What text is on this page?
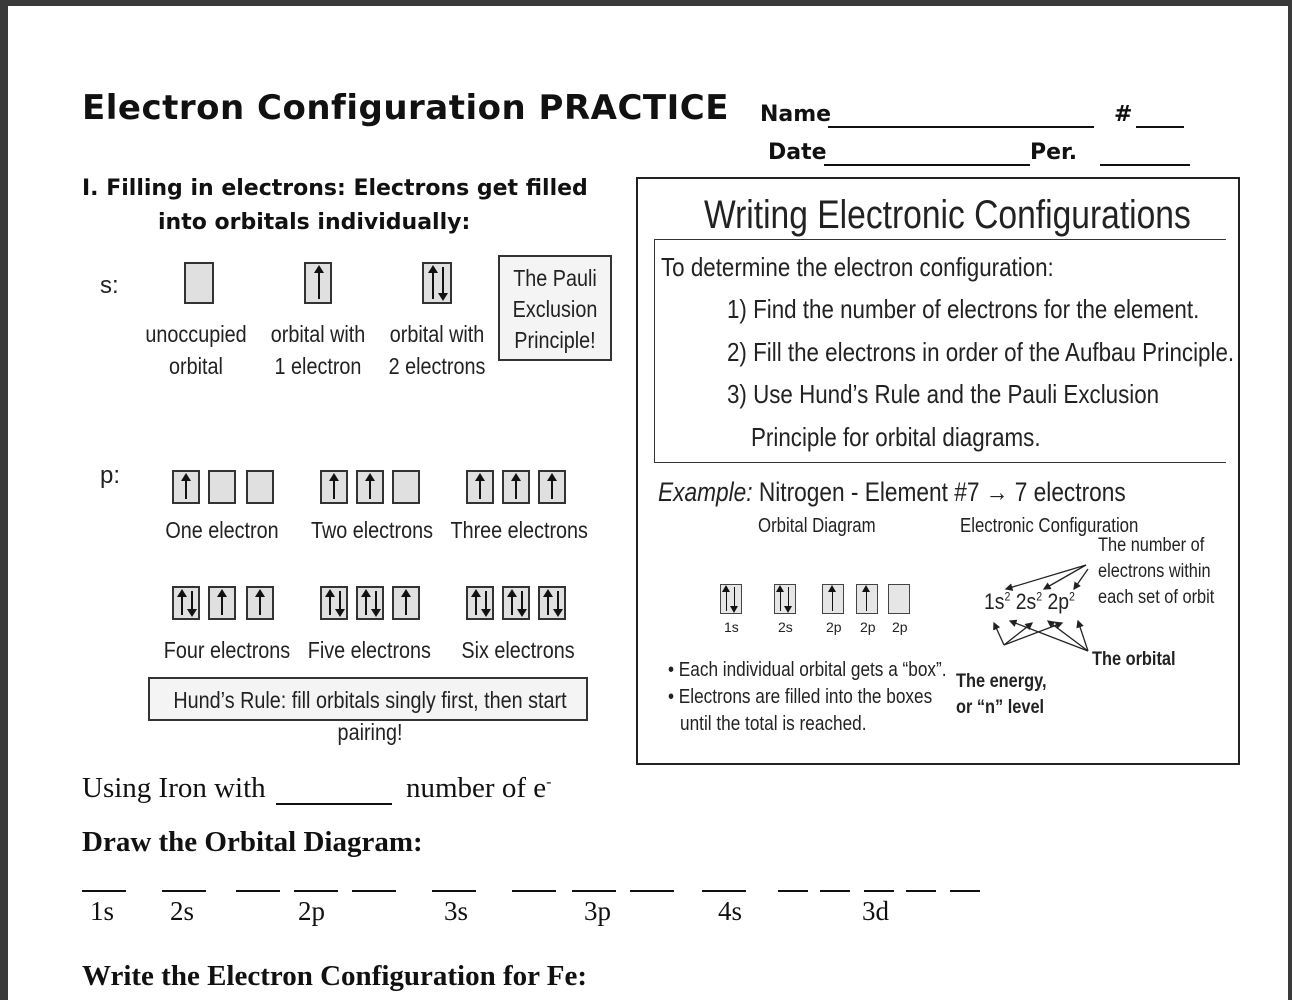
Electron Configuration PRACTICE Name	#
Date	Per.
I. Filling in electrons: Electrons get filled
into orbitals individually:
s:
unoccupied
orbital
orbital with
1 electron
orbital with
2 electrons
The Pauli
Exclusion
Principle!
p:
One electron Two electrons Three electrons
Four electrons Five electrons Six electrons
Hund’s Rule: fill orbitals singly first, then start pairing!
Writing Electronic Configurations
To determine the electron configuration:
1) Find the number of electrons for the element.
2) Fill the electrons in order of the Aufbau Principle.
3) Use Hund’s Rule and the Pauli Exclusion
Principle for orbital diagrams.
Example: Nitrogen - Element #7 → 7 electrons
Orbital Diagram	Electronic Configuration
1s	2s 2p 2p 2p
$1s^2$ $2s^2$ $2p^2$
The number of
electrons within
each set of orbit
The orbital
The energy,
or “n” level
• Each individual orbital gets a “box”.
• Electrons are filled into the boxes
until the total is reached.
Using Iron with	number of e-
Draw the Orbital Diagram:
1s 2s	2p	3s	3p	4s	3d
Write the Electron Configuration for Fe:
